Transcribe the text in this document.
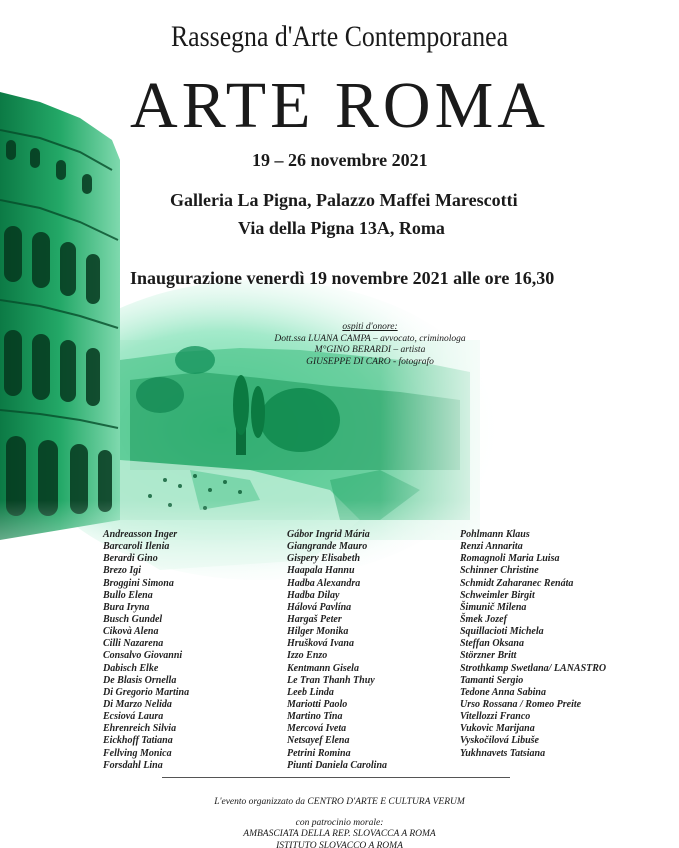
Rassegna d'Arte Contemporanea
ARTE ROMA
19 – 26 novembre 2021
Galleria La Pigna, Palazzo Maffei Marescotti
Via della Pigna 13A, Roma
Inaugurazione venerdì 19 novembre 2021 alle ore 16,30
ospiti d'onore:
Dott.ssa LUANA CAMPA – avvocato, criminologa
M°GINO BERARDI – artista
GIUSEPPE DI CARO - fotografo
Andreasson Inger
Barcaroli Ilenia
Berardi Gino
Brezo Igi
Broggini Simona
Bullo Elena
Bura Iryna
Busch Gundel
Cikovà Alena
Cilli Nazarena
Consalvo Giovanni
Dabisch Elke
De Blasis Ornella
Di Gregorio Martina
Di Marzo Nelida
Ecsiová Laura
Ehrenreich Silvia
Eickhoff Tatiana
Fellving Monica
Forsdahl Lina
Gábor Ingrid Mária
Giangrande Mauro
Gispery Elisabeth
Haapala Hannu
Hadba Alexandra
Hadba Dilay
Hálová Pavlína
Hargaš Peter
Hilger Monika
Hrušková Ivana
Izzo Enzo
Kentmann Gisela
Le Tran Thanh Thuy
Leeb Linda
Mariotti Paolo
Martino Tina
Mercová Iveta
Netsayef Elena
Petrini Romina
Piunti Daniela Carolina
Pohlmann Klaus
Renzi Annarita
Romagnoli Maria Luisa
Schinner Christine
Schmidt Zaharanec Renáta
Schweimler Birgit
Šimunič Milena
Šmek Jozef
Squillacioti Michela
Steffan Oksana
Störzner Britt
Strothkamp Swetlana/ LANASTRO
Tamanti Sergio
Tedone Anna Sabina
Urso Rossana / Romeo Preite
Vitellozzi Franco
Vukovic Marijana
Vyskočilová Libuše
Yukhnavets Tatsiana
L'evento organizzato da CENTRO D'ARTE E CULTURA VERUM
con patrocinio morale:
AMBASCIATA DELLA REP. SLOVACCA A ROMA
ISTITUTO SLOVACCO A ROMA
